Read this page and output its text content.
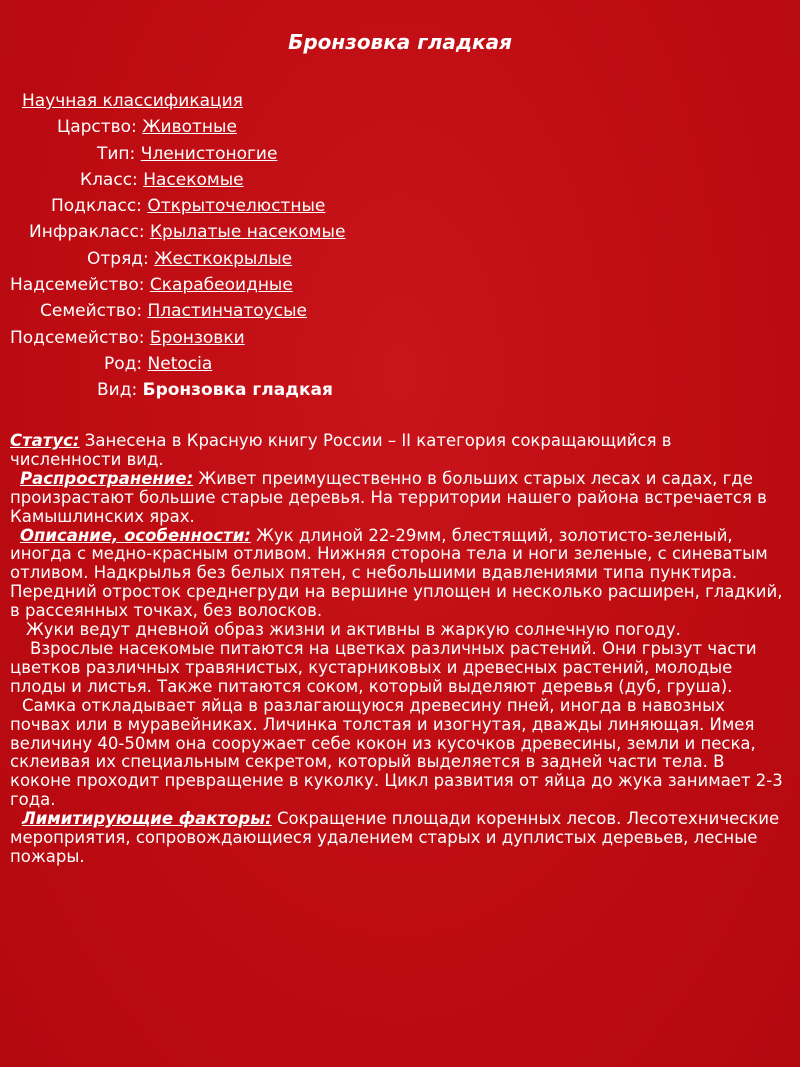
Бронзовка гладкая
Научная классификация
Царство: Животные
Тип: Членистоногие
Класс: Насекомые
Подкласс: Открыточелюстные
Инфракласс: Крылатые насекомые
Отряд: Жесткокрылые
Надсемейство: Скарабеоидные
Семейство: Пластинчатоусые
Подсемейство: Бронзовки
Род: Netocia
Вид: Бронзовка гладкая

Статус: Занесена в Красную книгу России – II категория сокращающийся в численности вид.

Распространение: Живет преимущественно в больших старых лесах и садах, где произрастают большие старые деревья. На территории нашего района встречается в Камышлинских ярах.

Описание, особенности: Жук длиной 22-29мм, блестящий, золотисто-зеленый, иногда с медно-красным отливом. Нижняя сторона тела и ноги зеленые, с синеватым отливом. Надкрылья без белых пятен, с небольшими вдавлениями типа пунктира. Передний отросток среднегруди на вершине уплощен и несколько расширен, гладкий, в рассеянных точках, без волосков.

Жуки ведут дневной образ жизни и активны в жаркую солнечную погоду.

Взрослые насекомые питаются на цветках различных растений. Они грызут части цветков различных травянистых, кустарниковых и древесных растений, молодые плоды и листья. Также питаются соком, который выделяют деревья (дуб, груша).

Самка откладывает яйца в разлагающуюся древесину пней, иногда в навозных почвах или в муравейниках. Личинка толстая и изогнутая, дважды линяющая. Имея величину 40-50мм она сооружает себе кокон из кусочков древесины, земли и песка, склеивая их специальным секретом, который выделяется в задней части тела. В коконе проходит превращение в куколку. Цикл развития от яйца до жука занимает 2-3 года.

Лимитирующие факторы: Сокращение площади коренных лесов. Лесотехнические мероприятия, сопровождающиеся удалением старых и дуплистых деревьев, лесные пожары.
